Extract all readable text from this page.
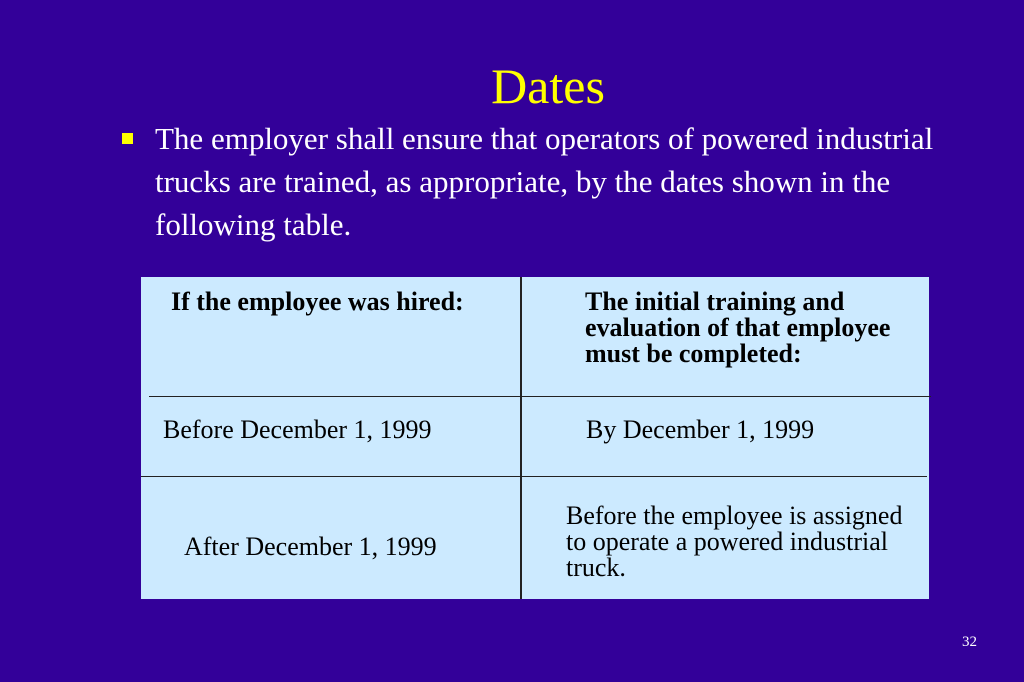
Dates
The employer shall ensure that operators of powered industrial trucks are trained, as appropriate, by the dates shown in the following table.
If the employee was hired:	The initial training and evaluation of that employee must be completed:
Before December 1, 1999	By December 1, 1999
After December 1, 1999
Before the employee is assigned to operate a powered industrial truck.
32
